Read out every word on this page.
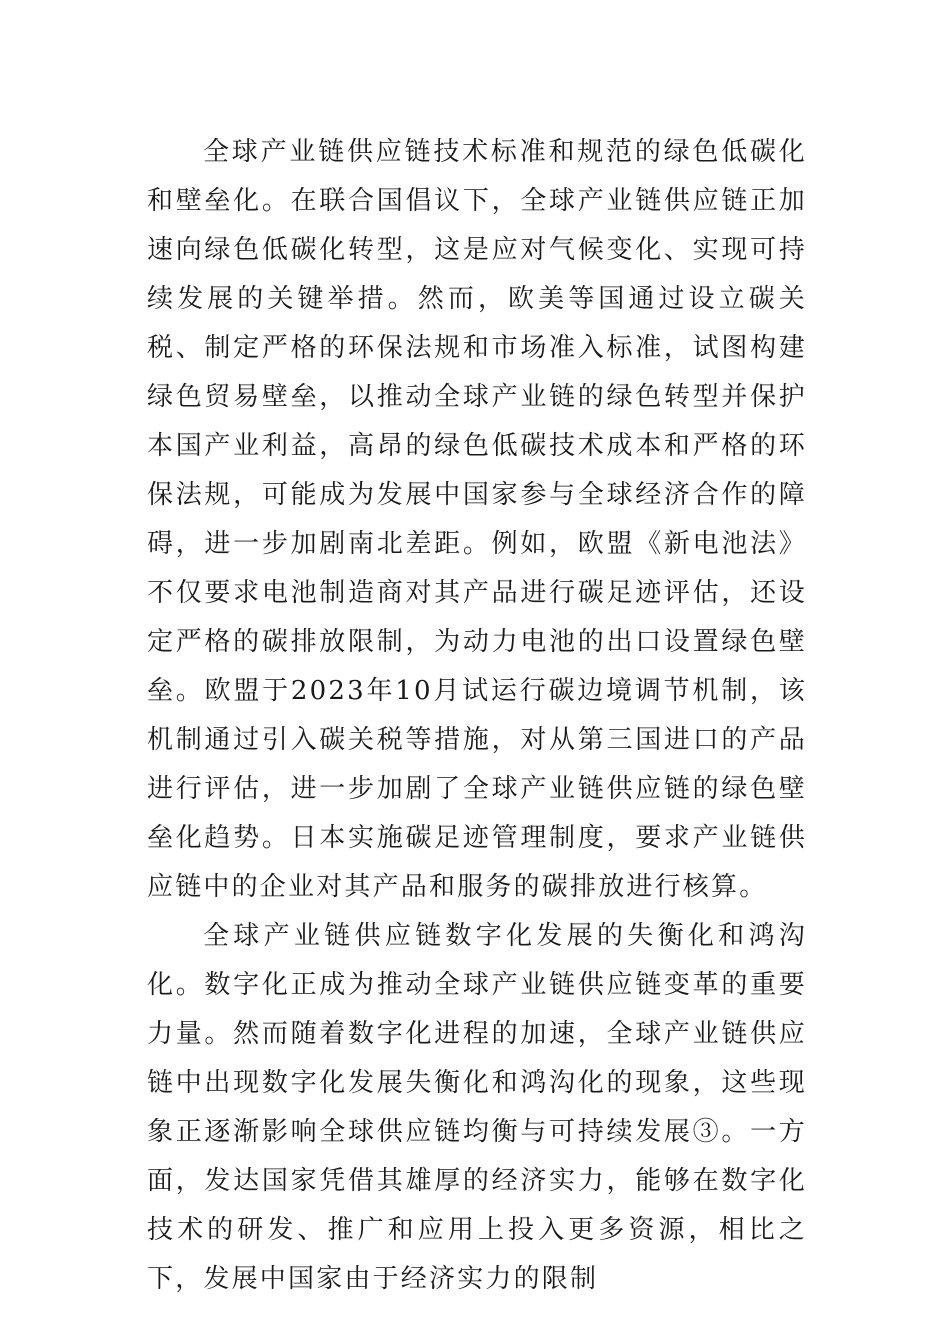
全球产业链供应链技术标准和规范的绿色低碳化和壁垒化。在联合国倡议下，全球产业链供应链正加速向绿色低碳化转型，这是应对气候变化、实现可持续发展的关键举措。然而，欧美等国通过设立碳关税、制定严格的环保法规和市场准入标准，试图构建绿色贸易壁垒，以推动全球产业链的绿色转型并保护本国产业利益，高昂的绿色低碳技术成本和严格的环保法规，可能成为发展中国家参与全球经济合作的障碍，进一步加剧南北差距。例如，欧盟《新电池法》不仅要求电池制造商对其产品进行碳足迹评估，还设定严格的碳排放限制，为动力电池的出口设置绿色壁垒。欧盟于2023年10月试运行碳边境调节机制，该机制通过引入碳关税等措施，对从第三国进口的产品进行评估，进一步加剧了全球产业链供应链的绿色壁垒化趋势。日本实施碳足迹管理制度，要求产业链供应链中的企业对其产品和服务的碳排放进行核算。

全球产业链供应链数字化发展的失衡化和鸿沟化。数字化正成为推动全球产业链供应链变革的重要力量。然而随着数字化进程的加速，全球产业链供应链中出现数字化发展失衡化和鸿沟化的现象，这些现象正逐渐影响全球供应链均衡与可持续发展③。一方面，发达国家凭借其雄厚的经济实力，能够在数字化技术的研发、推广和应用上投入更多资源，相比之下，发展中国家由于经济实力的限制
